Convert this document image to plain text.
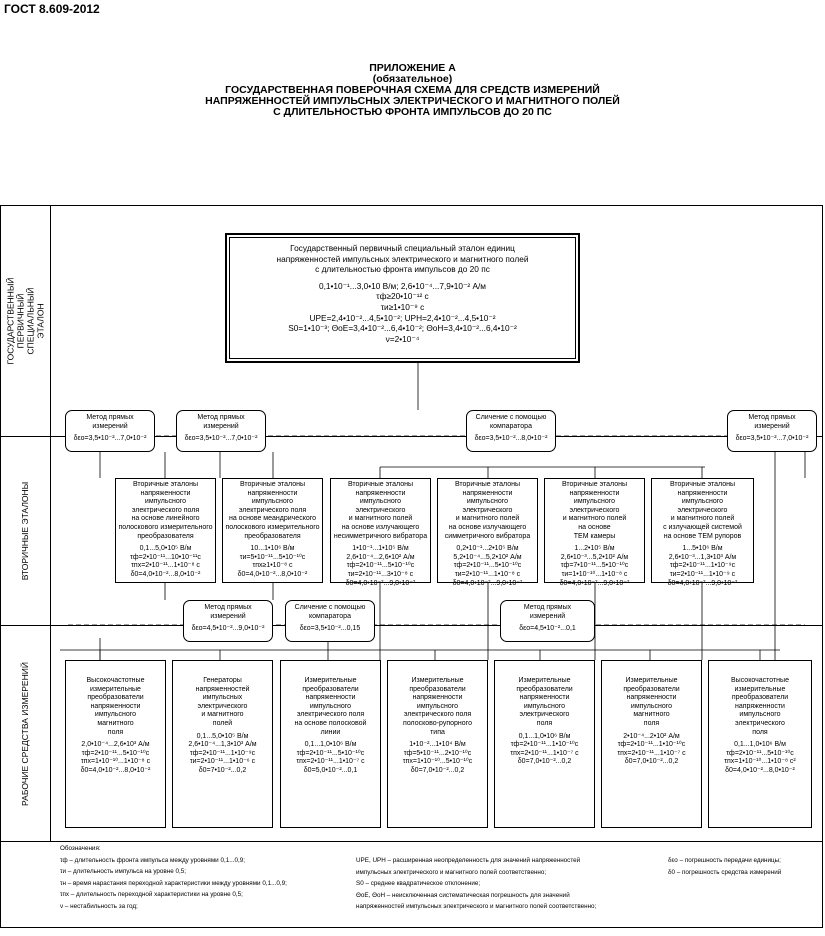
ГОСТ 8.609-2012
ПРИЛОЖЕНИЕ А
(обязательное)
ГОСУДАРСТВЕННАЯ ПОВЕРОЧНАЯ СХЕМА ДЛЯ СРЕДСТВ ИЗМЕРЕНИЙ
НАПРЯЖЕННОСТЕЙ ИМПУЛЬСНЫХ ЭЛЕКТРИЧЕСКОГО И МАГНИТНОГО ПОЛЕЙ
С ДЛИТЕЛЬНОСТЬЮ ФРОНТА ИМПУЛЬСОВ ДО 20 ПС
ГОСУДАРСТВЕННЫЙ ПЕРВИЧНЫЙ
СПЕЦИАЛЬНЫЙ ЭТАЛОН
ВТОРИЧНЫЕ ЭТАЛОНЫ
РАБОЧИЕ СРЕДСТВА ИЗМЕРЕНИЙ
Государственный первичный специальный эталон единиц
напряженностей импульсных электрического и магнитного полей
с длительностью фронта импульсов до 20 пс
0,1•10⁻¹...3,0•10 В/м; 2,6•10⁻⁴...7,9•10⁻² А/м
τф≥20•10⁻¹² с
τи≥1•10⁻⁹ с
UPE=2,4•10⁻²...4,5•10⁻²; UPH=2,4•10⁻²...4,5•10⁻²
S0=1•10⁻³; ΘоЕ=3,4•10⁻²...6,4•10⁻²; ΘоН=3,4•10⁻²...6,4•10⁻²
ν=2•10⁻⁴
Метод прямых
измерений
δεо=3,5•10⁻²...7,0•10⁻²
Метод прямых
измерений
δεо=3,5•10⁻²...7,0•10⁻²
Сличение с помощью
компаратора
δεо=3,5•10⁻²...8,0•10⁻²
Метод прямых
измерений
δεо=3,5•10⁻²...7,0•10⁻²
Вторичные эталоны
напряженности
импульсного
электрического поля
на основе линейного
полоскового измерительного
преобразователя
0,1...5,0•10⁵ В/м
τф=2•10⁻¹¹...10•10⁻¹¹с
τпх=2•10⁻¹¹...1•10⁻⁸ с
δ0=4,0•10⁻²...8,0•10⁻²
Вторичные эталоны
напряженности
импульсного
электрического поля
на основе меандрического
полоскового измерительного
преобразователя
10...1•10⁶ В/м
τи=5•10⁻¹¹...5•10⁻¹⁰с
τпх≥1•10⁻⁸ с
δ0=4,0•10⁻²...8,0•10⁻²
Вторичные эталоны
напряженности
импульсного
электрического
и магнитного полей
на основе излучающего
несимметричного вибратора
1•10⁻¹...1•10⁵ В/м
2,6•10⁻⁴...2,6•10² А/м
τф=2•10⁻¹¹...5•10⁻¹⁰с
τи=2•10⁻¹¹...3•10⁻⁸ с
δ0=4,0•10⁻²...9,0•10⁻²
Вторичные эталоны
напряженности
импульсного
электрического
и магнитного полей
на основе излучающего
симметричного вибратора
0,2•10⁻¹...2•10⁵ В/м
5,2•10⁻⁴...5,2•10² А/м
τф=2•10⁻¹¹...5•10⁻¹⁰с
τи=2•10⁻¹¹...1•10⁻⁸ с
δ0=4,0•10⁻²...9,0•10⁻²
Вторичные эталоны
напряженности
импульсного
электрического
и магнитного полей
на основе
ТЕМ камеры
1...2•10⁵ В/м
2,6•10⁻³...5,2•10² А/м
τф=7•10⁻¹¹...5•10⁻¹⁰с
τи=1•10⁻¹⁰...1•10⁻⁸ с
δ0=4,0•10⁻²...9,0•10⁻²
Вторичные эталоны
напряженности
импульсного
электрического
и магнитного полей
с излучающей системой
на основе ТЕМ рупоров
1...5•10⁶ В/м
2,6•10⁻³...1,3•10³ А/м
τф=2•10⁻¹¹...1•10⁻⁹с
τи=2•10⁻¹¹...1•10⁻⁹ с
δ0=4,0•10⁻²...9,0•10⁻²
Метод прямых
измерений
δεо=4,5•10⁻²...9,0•10⁻²
Сличение с помощью
компаратора
δεо=3,5•10⁻²...0,15
Метод прямых
измерений
δεо=4,5•10⁻²...0,1
Высокочастотные
измерительные
преобразователи
напряженности
импульсного
магнитного
поля
2,0•10⁻⁴...2,6•10³ А/м
τф=2•10⁻¹¹...5•10⁻¹⁰с
τпх=1•10⁻¹⁰...1•10⁻⁸ с
δ0=4,0•10⁻²...8,0•10⁻²
Генераторы
напряженностей
импульсных
электрического
и магнитного
полей
0,1...5,0•10⁵ В/м
2,6•10⁻⁴...1,3•10³ А/м
τф=2•10⁻¹¹...1•10⁻⁹с
τи=2•10⁻¹¹...1•10⁻⁶ с
δ0=7•10⁻²...0,2
Измерительные
преобразователи
напряженности
импульсного
электрического поля
на основе полосковой
линии
0,1...1,0•10⁶ В/м
τф=2•10⁻¹¹...5•10⁻¹⁰с
τпх=2•10⁻¹¹...1•10⁻⁷ с
δ0=5,0•10⁻²...0,1
Измерительные
преобразователи
напряженности
импульсного
электрического поля
полосково-рупорного
типа
1•10⁻²...1•10⁴ В/м
τф=5•10⁻¹¹...2•10⁻¹⁰с
τпх=1•10⁻¹⁰...5•10⁻¹⁰с
δ0=7,0•10⁻²...0,2
Измерительные
преобразователи
напряженности
импульсного
электрического
поля
0,1...1,0•10⁶ В/м
τф=2•10⁻¹¹...1•10⁻¹⁰с
τпх=2•10⁻¹¹...1•10⁻⁷ с
δ0=7,0•10⁻²...0,2
Измерительные
преобразователи
напряженности
импульсного
магнитного
поля
2•10⁻⁴...2•10² А/м
τф=2•10⁻¹¹...1•10⁻¹⁰с
τпх=2•10⁻¹¹...1•10⁻⁷ с
δ0=7,0•10⁻²...0,2
Высокочастотные
измерительные
преобразователи
напряженности
импульсного
электрического
поля
0,1...1,0•10⁶ В/м
τф=2•10⁻¹¹...5•10⁻¹⁰с
τпх=1•10⁻¹⁰...1•10⁻⁸ с²
δ0=4,0•10⁻²...8,0•10⁻²
Обозначения:
τф – длительность фронта импульса между уровнями 0,1...0,9;
τи – длительность импульса на уровне 0,5;
τн – время нарастания переходной характеристики между уровнями 0,1...0,9;
τпх – длительность переходной характеристики на уровне 0,5;
ν – нестабильность за год;
UPE, UPH – расширенная неопределенность для значений напряженностей
импульсных электрического и магнитного полей соответственно;
S0 – среднее квадратическое отклонение;
ΘоЕ, ΘоН – неисключенная систематическая погрешность для значений
напряженностей импульсных электрического и магнитного полей соответственно;
δεо – погрешность передачи единицы;
δ0 – погрешность средства измерений
